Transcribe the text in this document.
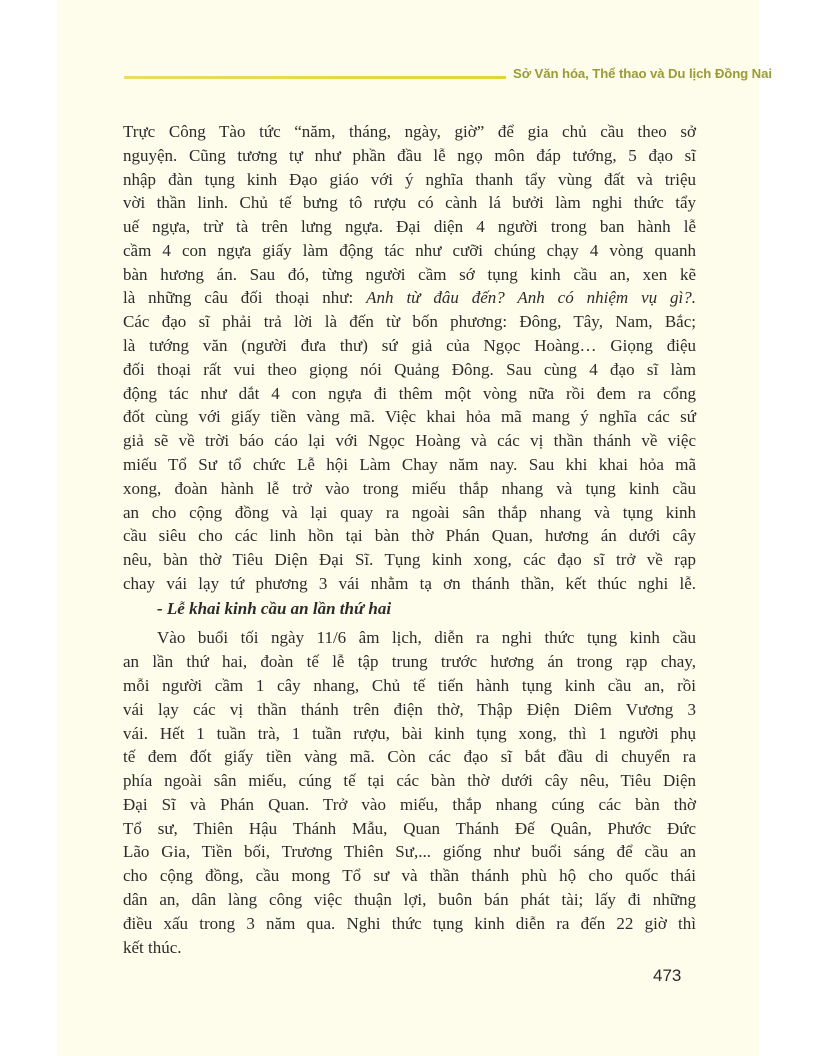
Sở Văn hóa, Thể thao và Du lịch Đồng Nai
Trực Công Tào tức “năm, tháng, ngày, giờ” để gia chủ cầu theo sở
nguyện. Cũng tương tự như phần đầu lễ ngọ môn đáp tướng, 5 đạo sĩ
nhập đàn tụng kinh Đạo giáo với ý nghĩa thanh tẩy vùng đất và triệu
vời thần linh. Chủ tế bưng tô rượu có cành lá bưởi làm nghi thức tẩy
uế ngựa, trừ tà trên lưng ngựa. Đại diện 4 người trong ban hành lễ
cầm 4 con ngựa giấy làm động tác như cưỡi chúng chạy 4 vòng quanh
bàn hương án. Sau đó, từng người cầm sớ tụng kinh cầu an, xen kẽ
là những câu đối thoại như: Anh từ đâu đến? Anh có nhiệm vụ gì?.
Các đạo sĩ phải trả lời là đến từ bốn phương: Đông, Tây, Nam, Bắc;
là tướng văn (người đưa thư) sứ giả của Ngọc Hoàng… Giọng điệu
đối thoại rất vui theo giọng nói Quảng Đông. Sau cùng 4 đạo sĩ làm
động tác như dắt 4 con ngựa đi thêm một vòng nữa rồi đem ra cổng
đốt cùng với giấy tiền vàng mã. Việc khai hỏa mã mang ý nghĩa các sứ
giả sẽ về trời báo cáo lại với Ngọc Hoàng và các vị thần thánh về việc
miếu Tổ Sư tổ chức Lễ hội Làm Chay năm nay. Sau khi khai hỏa mã
xong, đoàn hành lễ trở vào trong miếu thắp nhang và tụng kinh cầu
an cho cộng đồng và lại quay ra ngoài sân thắp nhang và tụng kinh
cầu siêu cho các linh hồn tại bàn thờ Phán Quan, hương án dưới cây
nêu, bàn thờ Tiêu Diện Đại Sĩ. Tụng kinh xong, các đạo sĩ trở về rạp
chay vái lạy tứ phương 3 vái nhằm tạ ơn thánh thần, kết thúc nghi lễ.
- Lễ khai kinh cầu an lần thứ hai
Vào buổi tối ngày 11/6 âm lịch, diễn ra nghi thức tụng kinh cầu
an lần thứ hai, đoàn tế lễ tập trung trước hương án trong rạp chay,
mỗi người cầm 1 cây nhang, Chủ tế tiến hành tụng kinh cầu an, rồi
vái lạy các vị thần thánh trên điện thờ, Thập Điện Diêm Vương 3
vái. Hết 1 tuần trà, 1 tuần rượu, bài kinh tụng xong, thì 1 người phụ
tế đem đốt giấy tiền vàng mã. Còn các đạo sĩ bắt đầu di chuyển ra
phía ngoài sân miếu, cúng tế tại các bàn thờ dưới cây nêu, Tiêu Diện
Đại Sĩ và Phán Quan. Trở vào miếu, thắp nhang cúng các bàn thờ
Tổ sư, Thiên Hậu Thánh Mẫu, Quan Thánh Đế Quân, Phước Đức
Lão Gia, Tiền bối, Trương Thiên Sư,... giống như buổi sáng để cầu an
cho cộng đồng, cầu mong Tổ sư và thần thánh phù hộ cho quốc thái
dân an, dân làng công việc thuận lợi, buôn bán phát tài; lấy đi những
điều xấu trong 3 năm qua. Nghi thức tụng kinh diễn ra đến 22 giờ thì
kết thúc.
473
